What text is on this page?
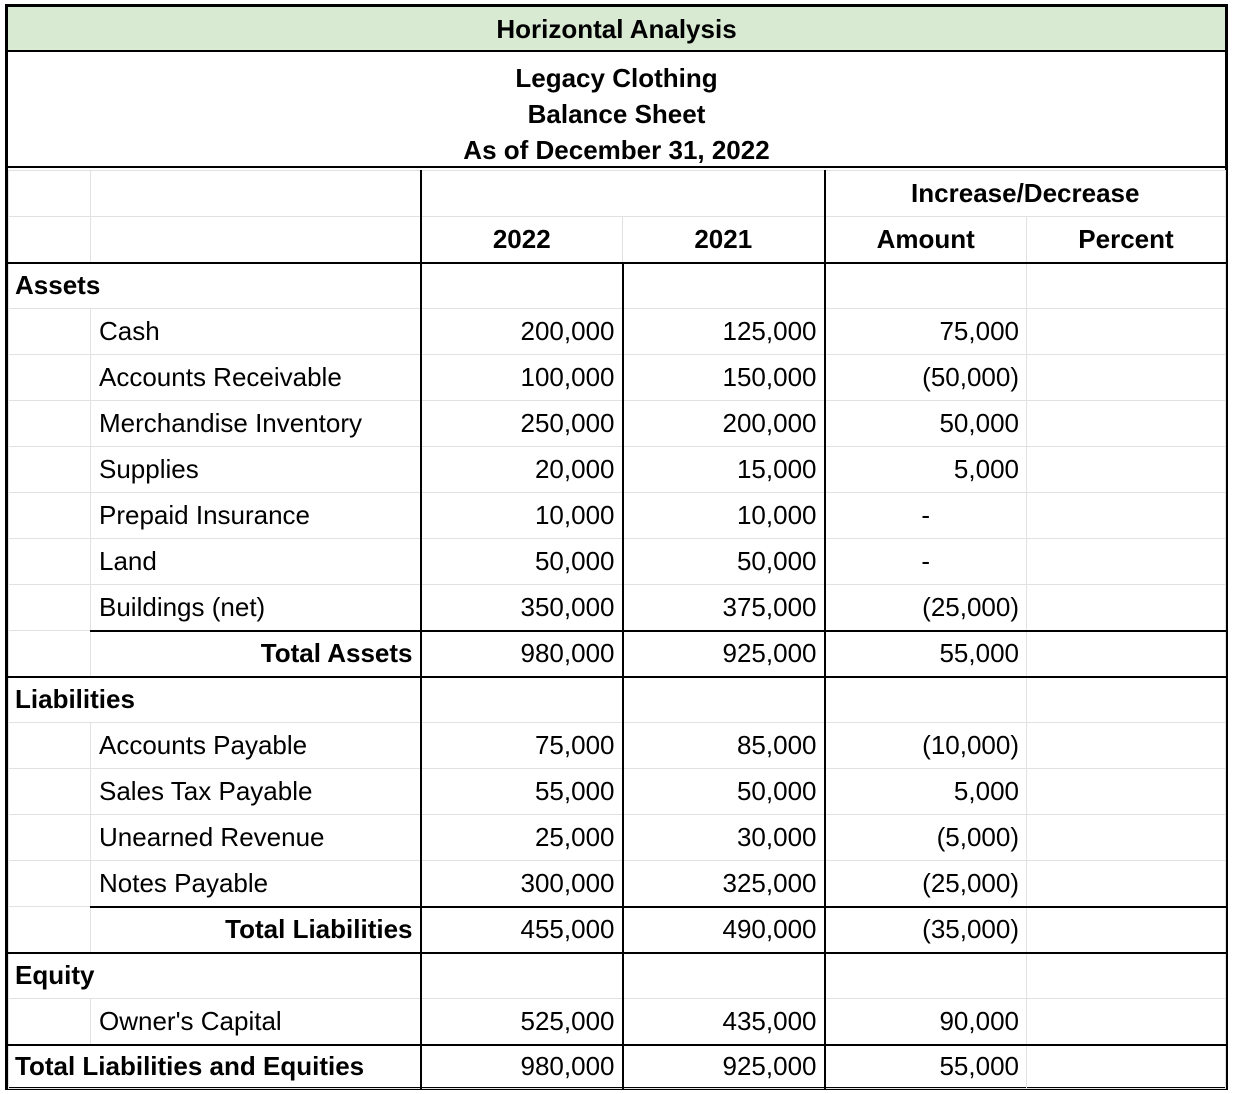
Horizontal Analysis
Legacy Clothing
Balance Sheet
As of December 31, 2022
				Increase/Decrease	
		2022	2021	Amount	Percent
Assets					
	Cash	200,000	125,000	75,000	
	Accounts Receivable	100,000	150,000	(50,000)	
	Merchandise Inventory	250,000	200,000	50,000	
	Supplies	20,000	15,000	5,000	
	Prepaid Insurance	10,000	10,000	-	
	Land	50,000	50,000	-	
	Buildings (net)	350,000	375,000	(25,000)	
	Total Assets	980,000	925,000	55,000	
Liabilities					
	Accounts Payable	75,000	85,000	(10,000)	
	Sales Tax Payable	55,000	50,000	5,000	
	Unearned Revenue	25,000	30,000	(5,000)	
	Notes Payable	300,000	325,000	(25,000)	
	Total Liabilities	455,000	490,000	(35,000)	
Equity					
	Owner's Capital	525,000	435,000	90,000	
Total Liabilities and Equities		980,000	925,000	55,000	
